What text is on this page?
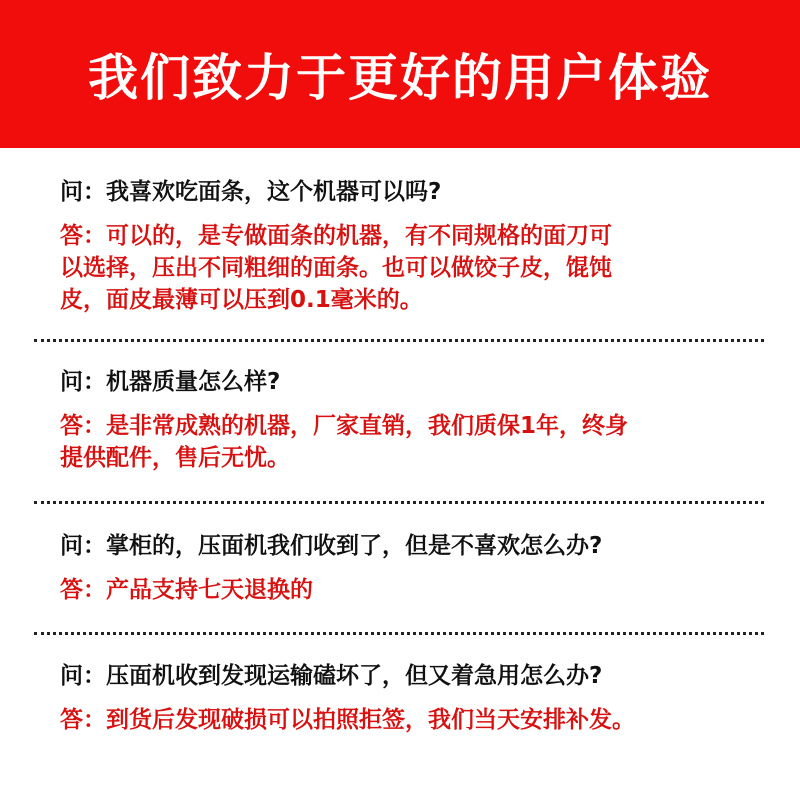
我们致力于更好的用户体验
问：我喜欢吃面条，这个机器可以吗?
答：可以的，是专做面条的机器，有不同规格的面刀可
以选择，压出不同粗细的面条。也可以做饺子皮，馄饨
皮，面皮最薄可以压到0.1毫米的。
问：机器质量怎么样?
答：是非常成熟的机器，厂家直销，我们质保1年，终身
提供配件，售后无忧。
问：掌柜的，压面机我们收到了，但是不喜欢怎么办?
答：产品支持七天退换的
问：压面机收到发现运输磕坏了，但又着急用怎么办?
答：到货后发现破损可以拍照拒签，我们当天安排补发。
